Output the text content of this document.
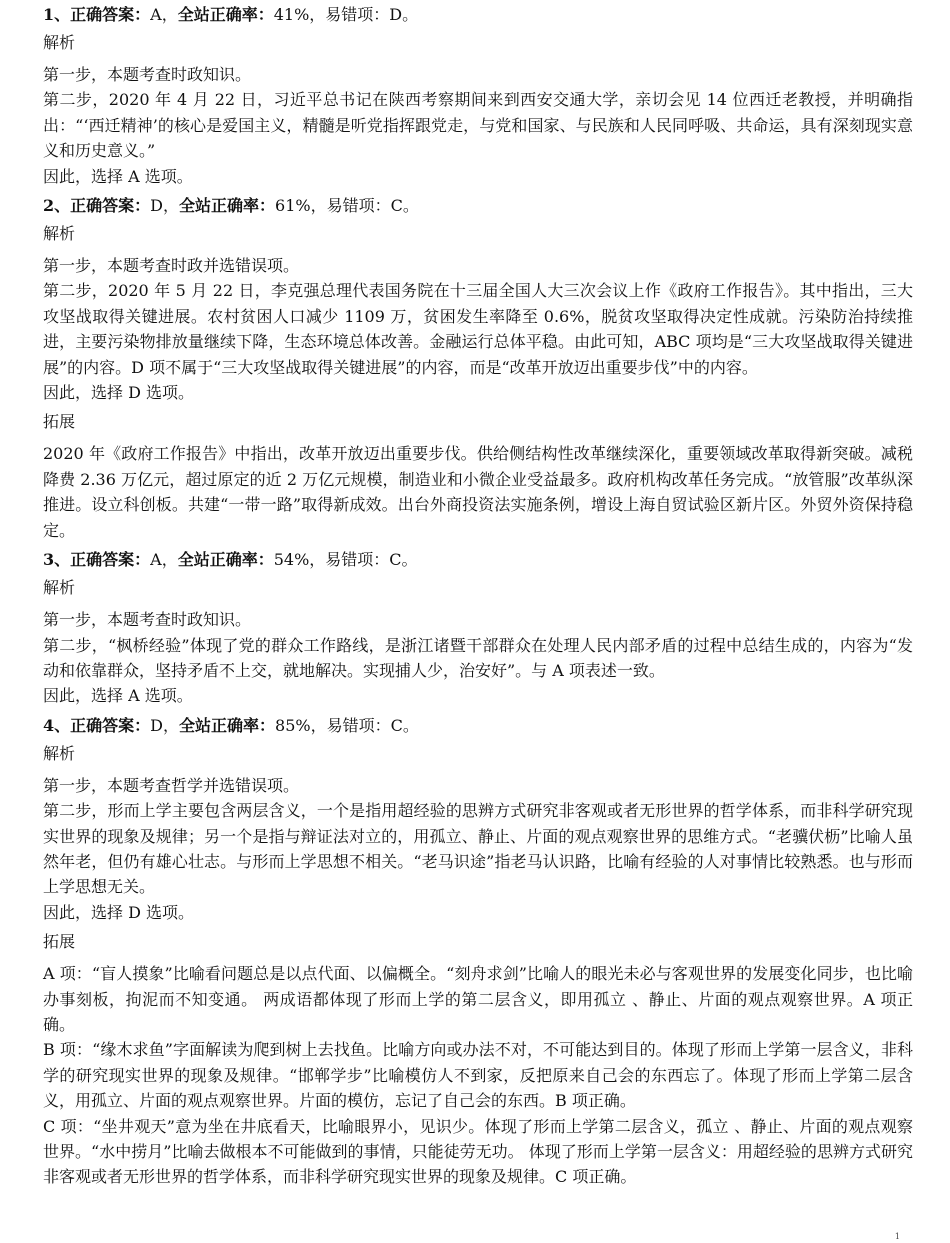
1、正确答案：A，全站正确率：41%，易错项：D。
解析
第一步，本题考查时政知识。
第二步，2020 年 4 月 22 日，习近平总书记在陕西考察期间来到西安交通大学，亲切会见 14 位西迁老教授，并明确指出：“‘西迁精神’的核心是爱国主义，精髓是听党指挥跟党走，与党和国家、与民族和人民同呼吸、共命运，具有深刻现实意义和历史意义。”
因此，选择 A 选项。
2、正确答案：D，全站正确率：61%，易错项：C。
解析
第一步，本题考查时政并选错误项。
第二步，2020 年 5 月 22 日，李克强总理代表国务院在十三届全国人大三次会议上作《政府工作报告》。其中指出，三大攻坚战取得关键进展。农村贫困人口减少 1109 万，贫困发生率降至 0.6%，脱贫攻坚取得决定性成就。污染防治持续推进，主要污染物排放量继续下降，生态环境总体改善。金融运行总体平稳。由此可知，ABC 项均是“三大攻坚战取得关键进展”的内容。D 项不属于“三大攻坚战取得关键进展”的内容，而是“改革开放迈出重要步伐”中的内容。
因此，选择 D 选项。
拓展
2020 年《政府工作报告》中指出，改革开放迈出重要步伐。供给侧结构性改革继续深化，重要领域改革取得新突破。减税降费 2.36 万亿元，超过原定的近 2 万亿元规模，制造业和小微企业受益最多。政府机构改革任务完成。“放管服”改革纵深推进。设立科创板。共建“一带一路”取得新成效。出台外商投资法实施条例，增设上海自贸试验区新片区。外贸外资保持稳定。
3、正确答案：A，全站正确率：54%，易错项：C。
解析
第一步，本题考查时政知识。
第二步，“枫桥经验”体现了党的群众工作路线，是浙江诸暨干部群众在处理人民内部矛盾的过程中总结生成的，内容为“发动和依靠群众，坚持矛盾不上交，就地解决。实现捕人少，治安好”。与 A 项表述一致。
因此，选择 A 选项。
4、正确答案：D，全站正确率：85%，易错项：C。
解析
第一步，本题考查哲学并选错误项。
第二步，形而上学主要包含两层含义，一个是指用超经验的思辨方式研究非客观或者无形世界的哲学体系，而非科学研究现实世界的现象及规律；另一个是指与辩证法对立的，用孤立、静止、片面的观点观察世界的思维方式。“老骥伏枥”比喻人虽然年老，但仍有雄心壮志。与形而上学思想不相关。“老马识途”指老马认识路，比喻有经验的人对事情比较熟悉。也与形而上学思想无关。
因此，选择 D 选项。
拓展
A 项：“盲人摸象”比喻看问题总是以点代面、以偏概全。“刻舟求剑”比喻人的眼光未必与客观世界的发展变化同步，也比喻办事刻板，拘泥而不知变通。 两成语都体现了形而上学的第二层含义，即用孤立 、静止、片面的观点观察世界。A 项正确。
B 项：“缘木求鱼”字面解读为爬到树上去找鱼。比喻方向或办法不对，不可能达到目的。体现了形而上学第一层含义，非科学的研究现实世界的现象及规律。“邯郸学步”比喻模仿人不到家，反把原来自己会的东西忘了。体现了形而上学第二层含义，用孤立、片面的观点观察世界。片面的模仿，忘记了自己会的东西。B 项正确。
C 项：“坐井观天”意为坐在井底看天，比喻眼界小，见识少。体现了形而上学第二层含义，孤立 、静止、片面的观点观察世界。“水中捞月”比喻去做根本不可能做到的事情，只能徒劳无功。 体现了形而上学第一层含义：用超经验的思辨方式研究非客观或者无形世界的哲学体系，而非科学研究现实世界的现象及规律。C 项正确。
1
